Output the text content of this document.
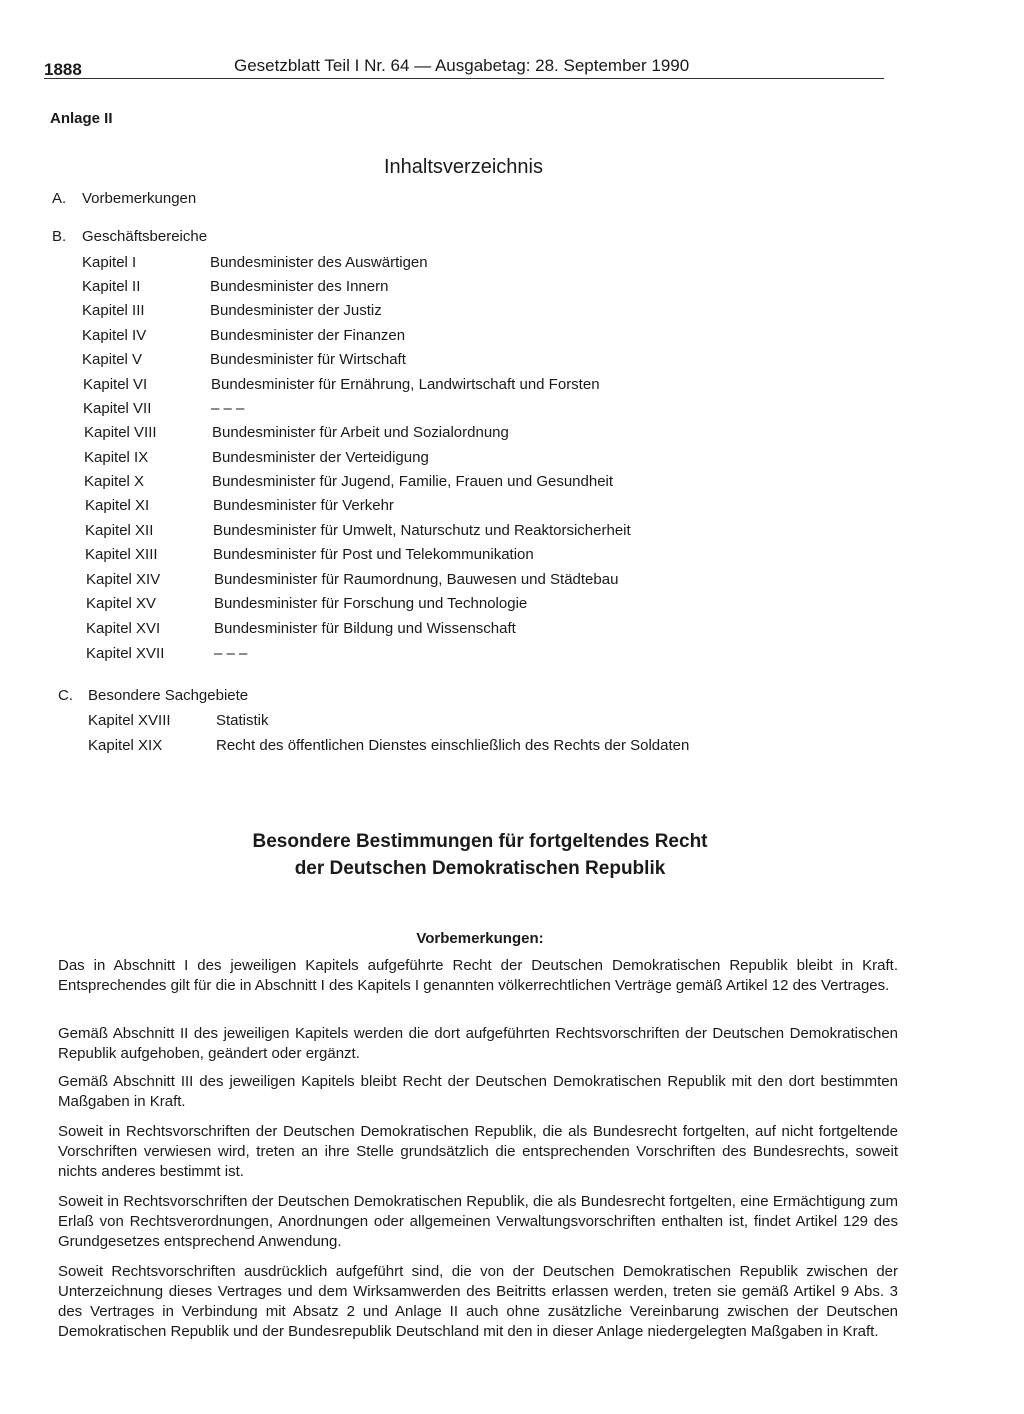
1888	Gesetzblatt Teil I Nr. 64 — Ausgabetag: 28. September 1990
Anlage II
Inhaltsverzeichnis
A. Vorbemerkungen
B. Geschäftsbereiche
Kapitel I	Bundesminister des Auswärtigen
Kapitel II	Bundesminister des Innern
Kapitel III	Bundesminister der Justiz
Kapitel IV	Bundesminister der Finanzen
Kapitel V	Bundesminister für Wirtschaft
Kapitel VI	Bundesminister für Ernährung, Landwirtschaft und Forsten
Kapitel VII	– – –
Kapitel VIII	Bundesminister für Arbeit und Sozialordnung
Kapitel IX	Bundesminister der Verteidigung
Kapitel X	Bundesminister für Jugend, Familie, Frauen und Gesundheit
Kapitel XI	Bundesminister für Verkehr
Kapitel XII	Bundesminister für Umwelt, Naturschutz und Reaktorsicherheit
Kapitel XIII	Bundesminister für Post und Telekommunikation
Kapitel XIV	Bundesminister für Raumordnung, Bauwesen und Städtebau
Kapitel XV	Bundesminister für Forschung und Technologie
Kapitel XVI	Bundesminister für Bildung und Wissenschaft
Kapitel XVII	– – –
C. Besondere Sachgebiete
Kapitel XVIII	Statistik
Kapitel XIX	Recht des öffentlichen Dienstes einschließlich des Rechts der Soldaten
Besondere Bestimmungen für fortgeltendes Recht
der Deutschen Demokratischen Republik
Vorbemerkungen:

Das in Abschnitt I des jeweiligen Kapitels aufgeführte Recht der Deutschen Demokratischen Republik bleibt in Kraft. Entsprechendes gilt für die in Abschnitt I des Kapitels I genannten völkerrechtlichen Verträge gemäß Artikel 12 des Vertrages.

Gemäß Abschnitt II des jeweiligen Kapitels werden die dort aufgeführten Rechtsvorschriften der Deutschen Demokratischen Republik aufgehoben, geändert oder ergänzt.

Gemäß Abschnitt III des jeweiligen Kapitels bleibt Recht der Deutschen Demokratischen Republik mit den dort bestimmten Maßgaben in Kraft.

Soweit in Rechtsvorschriften der Deutschen Demokratischen Republik, die als Bundesrecht fortgelten, auf nicht fortgeltende Vorschriften verwiesen wird, treten an ihre Stelle grundsätzlich die entsprechenden Vorschriften des Bundesrechts, soweit nichts anderes bestimmt ist.

Soweit in Rechtsvorschriften der Deutschen Demokratischen Republik, die als Bundesrecht fortgelten, eine Ermächtigung zum Erlaß von Rechtsverordnungen, Anordnungen oder allgemeinen Verwaltungsvorschriften enthalten ist, findet Artikel 129 des Grundgesetzes entsprechend Anwendung.

Soweit Rechtsvorschriften ausdrücklich aufgeführt sind, die von der Deutschen Demokratischen Republik zwischen der Unterzeichnung dieses Vertrages und dem Wirksamwerden des Beitritts erlassen werden, treten sie gemäß Artikel 9 Abs. 3 des Vertrages in Verbindung mit Absatz 2 und Anlage II auch ohne zusätzliche Vereinbarung zwischen der Deutschen Demokratischen Republik und der Bundesrepublik Deutschland mit den in dieser Anlage niedergelegten Maßgaben in Kraft.
